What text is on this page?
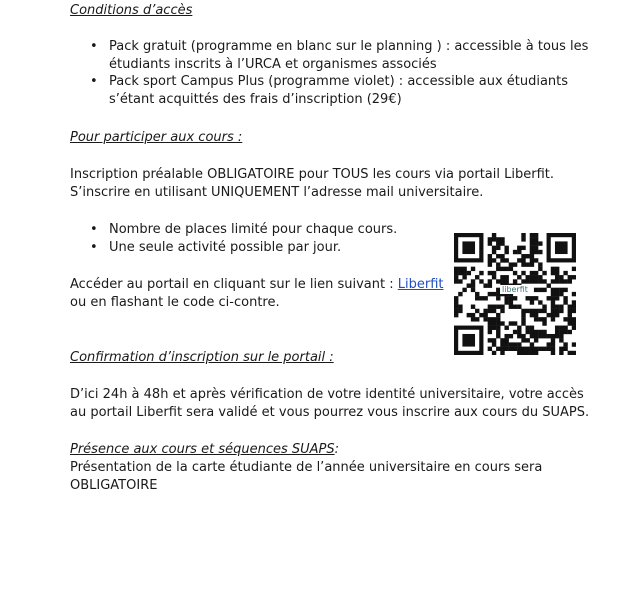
Conditions d’accès
• Pack gratuit (programme en blanc sur le planning ) : accessible à tous les
étudiants inscrits à l’URCA et organismes associés
• Pack sport Campus Plus (programme violet) : accessible aux étudiants
s’étant acquittés des frais d’inscription (29€)
Pour participer aux cours :
Inscription préalable OBLIGATOIRE pour TOUS les cours via portail Liberfit.
S’inscrire en utilisant UNIQUEMENT l’adresse mail universitaire.
• Nombre de places limité pour chaque cours.
• Une seule activité possible par jour.
Accéder au portail en cliquant sur le lien suivant : Liberfit
ou en flashant le code ci-contre.
liberfit
Confirmation d’inscription sur le portail :
D’ici 24h à 48h et après vérification de votre identité universitaire, votre accès
au portail Liberfit sera validé et vous pourrez vous inscrire aux cours du SUAPS.
Présence aux cours et séquences SUAPS:
Présentation de la carte étudiante de l’année universitaire en cours sera
OBLIGATOIRE
